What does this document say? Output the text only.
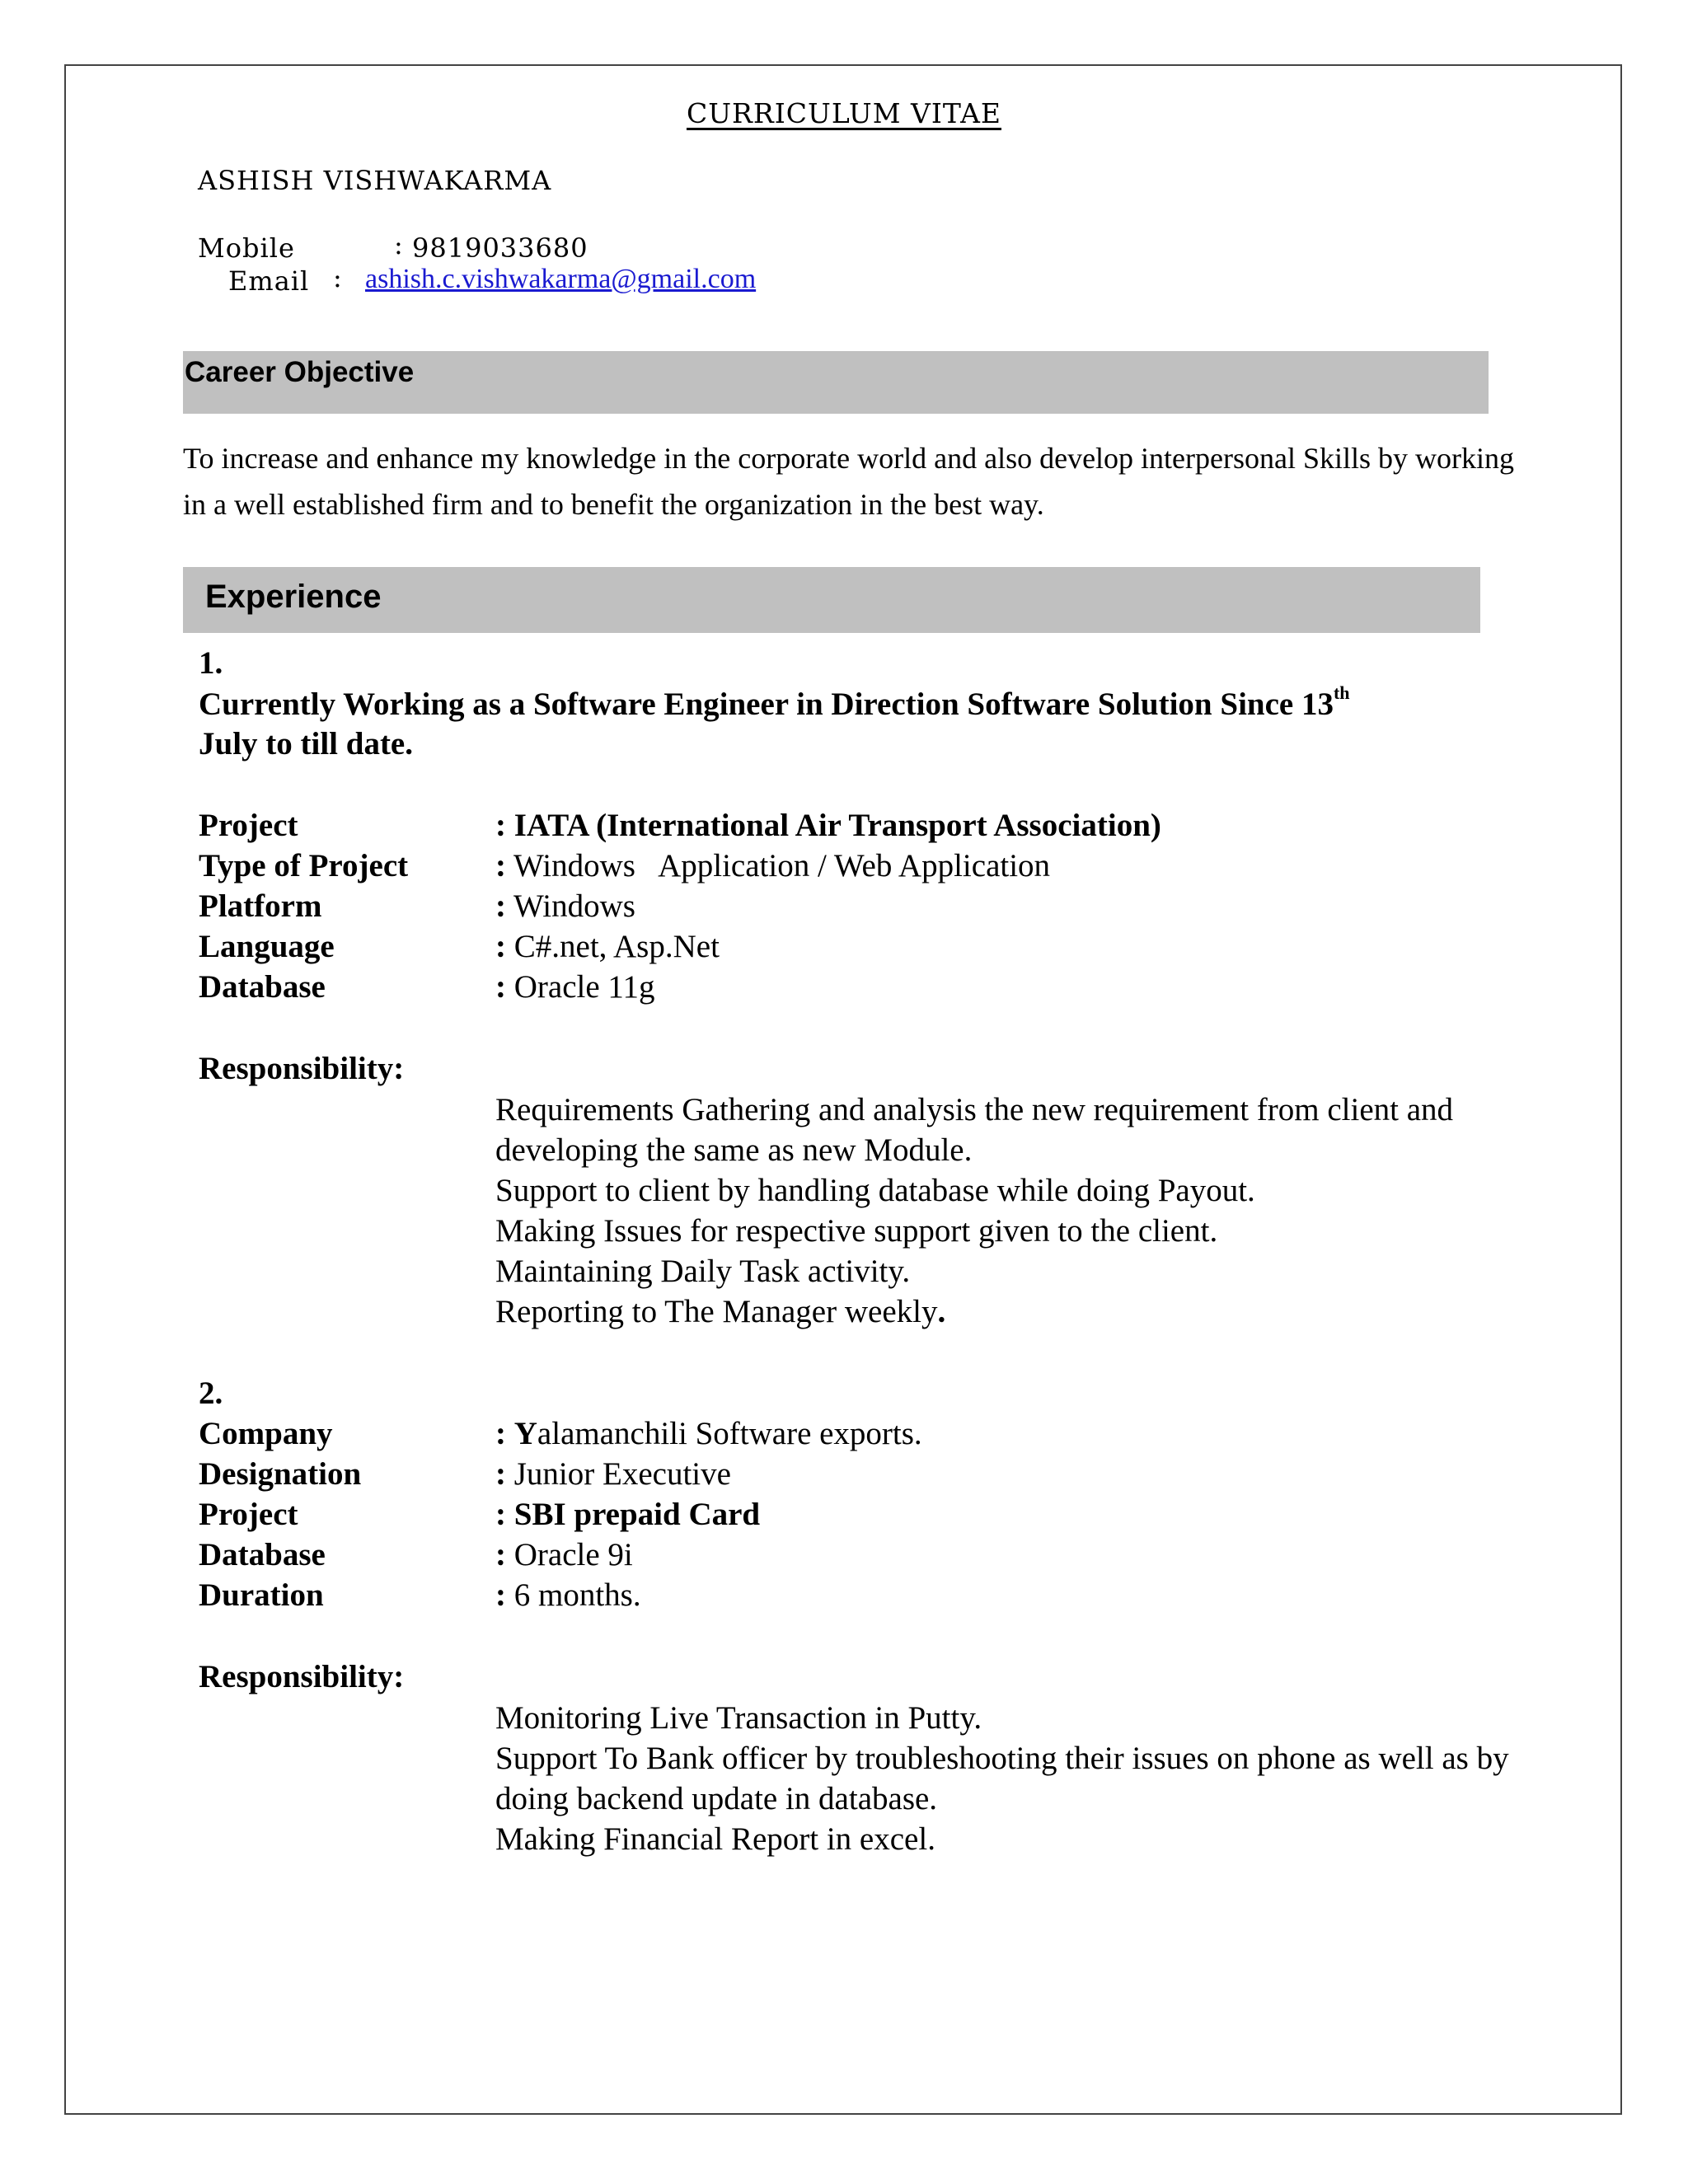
CURRICULUM VITAE
ASHISH VISHWAKARMA
Mobile	: 9819033680
Email : ashish.c.vishwakarma@gmail.com
Career Objective
To increase and enhance my knowledge in the corporate world and also develop interpersonal Skills by working in a well established firm and to benefit the organization in the best way.
Experience
1.
Currently Working as a Software Engineer in Direction Software Solution Since 13th
July to till date.
Project	: IATA (International Air Transport Association)
Type of Project	: Windows   Application / Web Application
Platform	: Windows
Language	: C#.net, Asp.Net
Database	: Oracle 11g
Responsibility:
Requirements Gathering and analysis the new requirement from client and
developing the same as new Module.
Support to client by handling database while doing Payout.
Making Issues for respective support given to the client.
Maintaining Daily Task activity.
Reporting to The Manager weekly.
2.
Company	: Yalamanchili Software exports.
Designation	: Junior Executive
Project	: SBI prepaid Card
Database	: Oracle 9i
Duration	: 6 months.
Responsibility:
Monitoring Live Transaction in Putty.
Support To Bank officer by troubleshooting their issues on phone as well as by
doing backend update in database.
Making Financial Report in excel.
